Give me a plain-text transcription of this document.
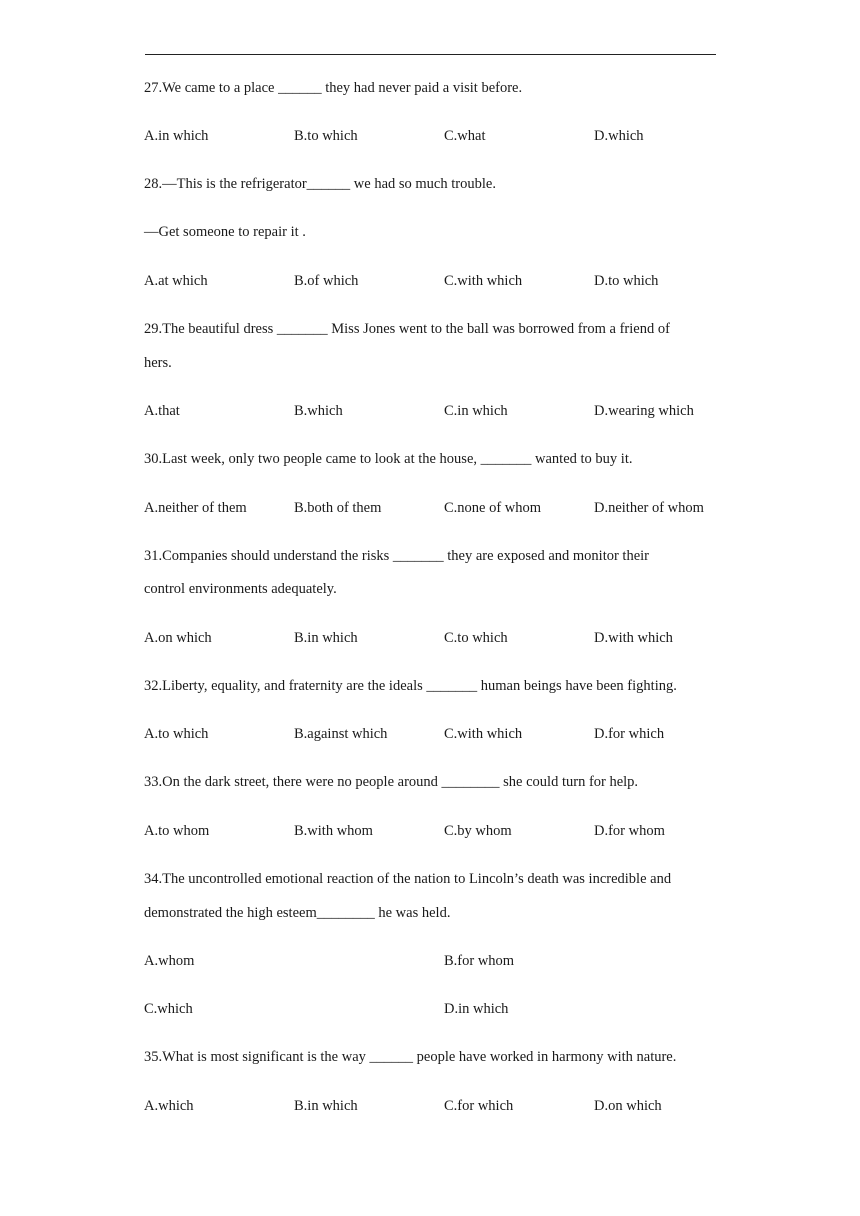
27.We came to a place ______ they had never paid a visit before.
A.in which	B.to which	C.what	D.which
28.—This is the refrigerator______ we had so much trouble.
—Get someone to repair it .
A.at which	B.of which	C.with which	D.to which
29.The beautiful dress _______ Miss Jones went to the ball was borrowed from a friend of
hers.
A.that	B.which	C.in which	D.wearing which
30.Last week, only two people came to look at the house, _______ wanted to buy it.
A.neither of them	B.both of them	C.none of whom	D.neither of whom
31.Companies should understand the risks _______ they are exposed and monitor their
control environments adequately.
A.on which	B.in which	C.to which	D.with which
32.Liberty, equality, and fraternity are the ideals _______ human beings have been fighting.
A.to which	B.against which	C.with which	D.for which
33.On the dark street, there were no people around ________ she could turn for help.
A.to whom	B.with whom	C.by whom	D.for whom
34.The uncontrolled emotional reaction of the nation to Lincoln’s death was incredible and
demonstrated the high esteem________ he was held.
A.whom	B.for whom
C.which	D.in which
35.What is most significant is the way ______ people have worked in harmony with nature.
A.which	B.in which	C.for which	D.on which
